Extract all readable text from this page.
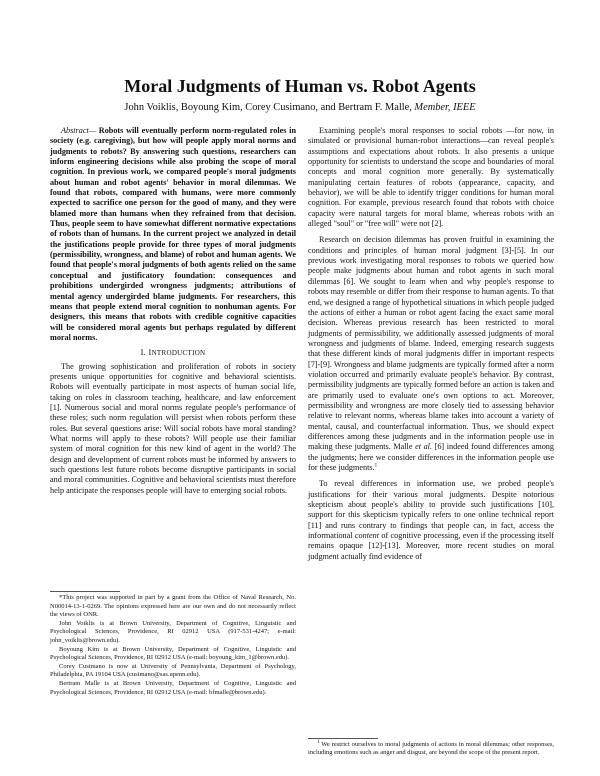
Moral Judgments of Human vs. Robot Agents
John Voiklis, Boyoung Kim, Corey Cusimano, and Bertram F. Malle, Member, IEEE

Abstract— Robots will eventually perform norm-regulated roles in society (e.g. caregiving), but how will people apply moral norms and judgments to robots? By answering such questions, researchers can inform engineering decisions while also probing the scope of moral cognition. In previous work, we compared people's moral judgments about human and robot agents' behavior in moral dilemmas. We found that robots, compared with humans, were more commonly expected to sacrifice one person for the good of many, and they were blamed more than humans when they refrained from that decision. Thus, people seem to have somewhat different normative expectations of robots than of humans. In the current project we analyzed in detail the justifications people provide for three types of moral judgments (permissibility, wrongness, and blame) of robot and human agents. We found that people's moral judgments of both agents relied on the same conceptual and justificatory foundation: consequences and prohibitions undergirded wrongness judgments; attributions of mental agency undergirded blame judgments. For researchers, this means that people extend moral cognition to nonhuman agents. For designers, this means that robots with credible cognitive capacities will be considered moral agents but perhaps regulated by different moral norms.

I. INTRODUCTION

The growing sophistication and proliferation of robots in society presents unique opportunities for cognitive and behavioral scientists. Robots will eventually participate in most aspects of human social life, taking on roles in classroom teaching, healthcare, and law enforcement [1]. Numerous social and moral norms regulate people's performance of these roles; such norm regulation will persist when robots perform these roles. But several questions arise: Will social robots have moral standing? What norms will apply to these robots? Will people use their familiar system of moral cognition for this new kind of agent in the world? The design and development of current robots must be informed by answers to such questions lest future robots become disruptive participants in social and moral communities. Cognitive and behavioral scientists must therefore help anticipate the responses people will have to emerging social robots.

*This project was supported in part by a grant from the Office of Naval Research, No. N00014-13-1-0269. The opinions expressed here are our own and do not necessarily reflect the views of ONR.

John Voiklis is at Brown University, Department of Cognitive, Linguistic and Psychological Sciences, Providence, RI 02912 USA (917-531-4247; e-mail: john_voiklis@brown.edu).

Boyoung Kim is at Brown University, Department of Cognitive, Linguistic and Psychological Sciences, Providence, RI 02912 USA (e-mail: boyoung_kim_1@brown.edu).

Corey Cusimano is now at University of Pennsylvania, Department of Psychology, Philadelphia, PA 19104 USA (cusimano@sas.upenn.edu).

Bertram Malle is at Brown University, Department of Cognitive, Linguistic and Psychological Sciences, Providence, RI 02912 USA (e-mail: bfmalle@brown.edu).

Examining people's moral responses to social robots —for now, in simulated or provisional human-robot interactions—can reveal people's assumptions and expectations about robots. It also presents a unique opportunity for scientists to understand the scope and boundaries of moral concepts and moral cognition more generally. By systematically manipulating certain features of robots (appearance, capacity, and behavior), we will be able to identify trigger conditions for human moral cognition. For example, previous research found that robots with choice capacity were natural targets for moral blame, whereas robots with an alleged "soul" or "free will" were not [2].

Research on decision dilemmas has proven fruitful in examining the conditions and principles of human moral judgment [3]-[5]. In our previous work investigating moral responses to robots we queried how people make judgments about human and robot agents in such moral dilemmas [6]. We sought to learn when and why people's response to robots may resemble or differ from their response to human agents. To that end, we designed a range of hypothetical situations in which people judged the actions of either a human or robot agent facing the exact same moral decision. Whereas previous research has been restricted to moral judgments of permissibility, we additionally assessed judgments of moral wrongness and judgments of blame. Indeed, emerging research suggests that these different kinds of moral judgments differ in important respects [7]-[9]. Wrongness and blame judgments are typically formed after a norm violation occurred and primarily evaluate people's behavior. By contrast, permissibility judgments are typically formed before an action is taken and are primarily used to evaluate one's own options to act. Moreover, permissibility and wrongness are more closely tied to assessing behavior relative to relevant norms, whereas blame takes into account a variety of mental, causal, and counterfactual information. Thus, we should expect differences among these judgments and in the information people use in making these judgments. Malle et al. [6] indeed found differences among the judgments; here we consider differences in the information people use for these judgments.$^1$

To reveal differences in information use, we probed people's justifications for their various moral judgments. Despite notorious skepticism about people's ability to provide such justifications [10], support for this skepticism typically refers to one online technical report [11] and runs contrary to findings that people can, in fact, access the informational content of cognitive processing, even if the processing itself remains opaque [12]-[13]. Moreover, more recent studies on moral judgment actually find evidence of

$^1$ We restrict ourselves to moral judgments of actions in moral dilemmas; other responses, including emotions such as anger and disgust, are beyond the scope of the present report.
